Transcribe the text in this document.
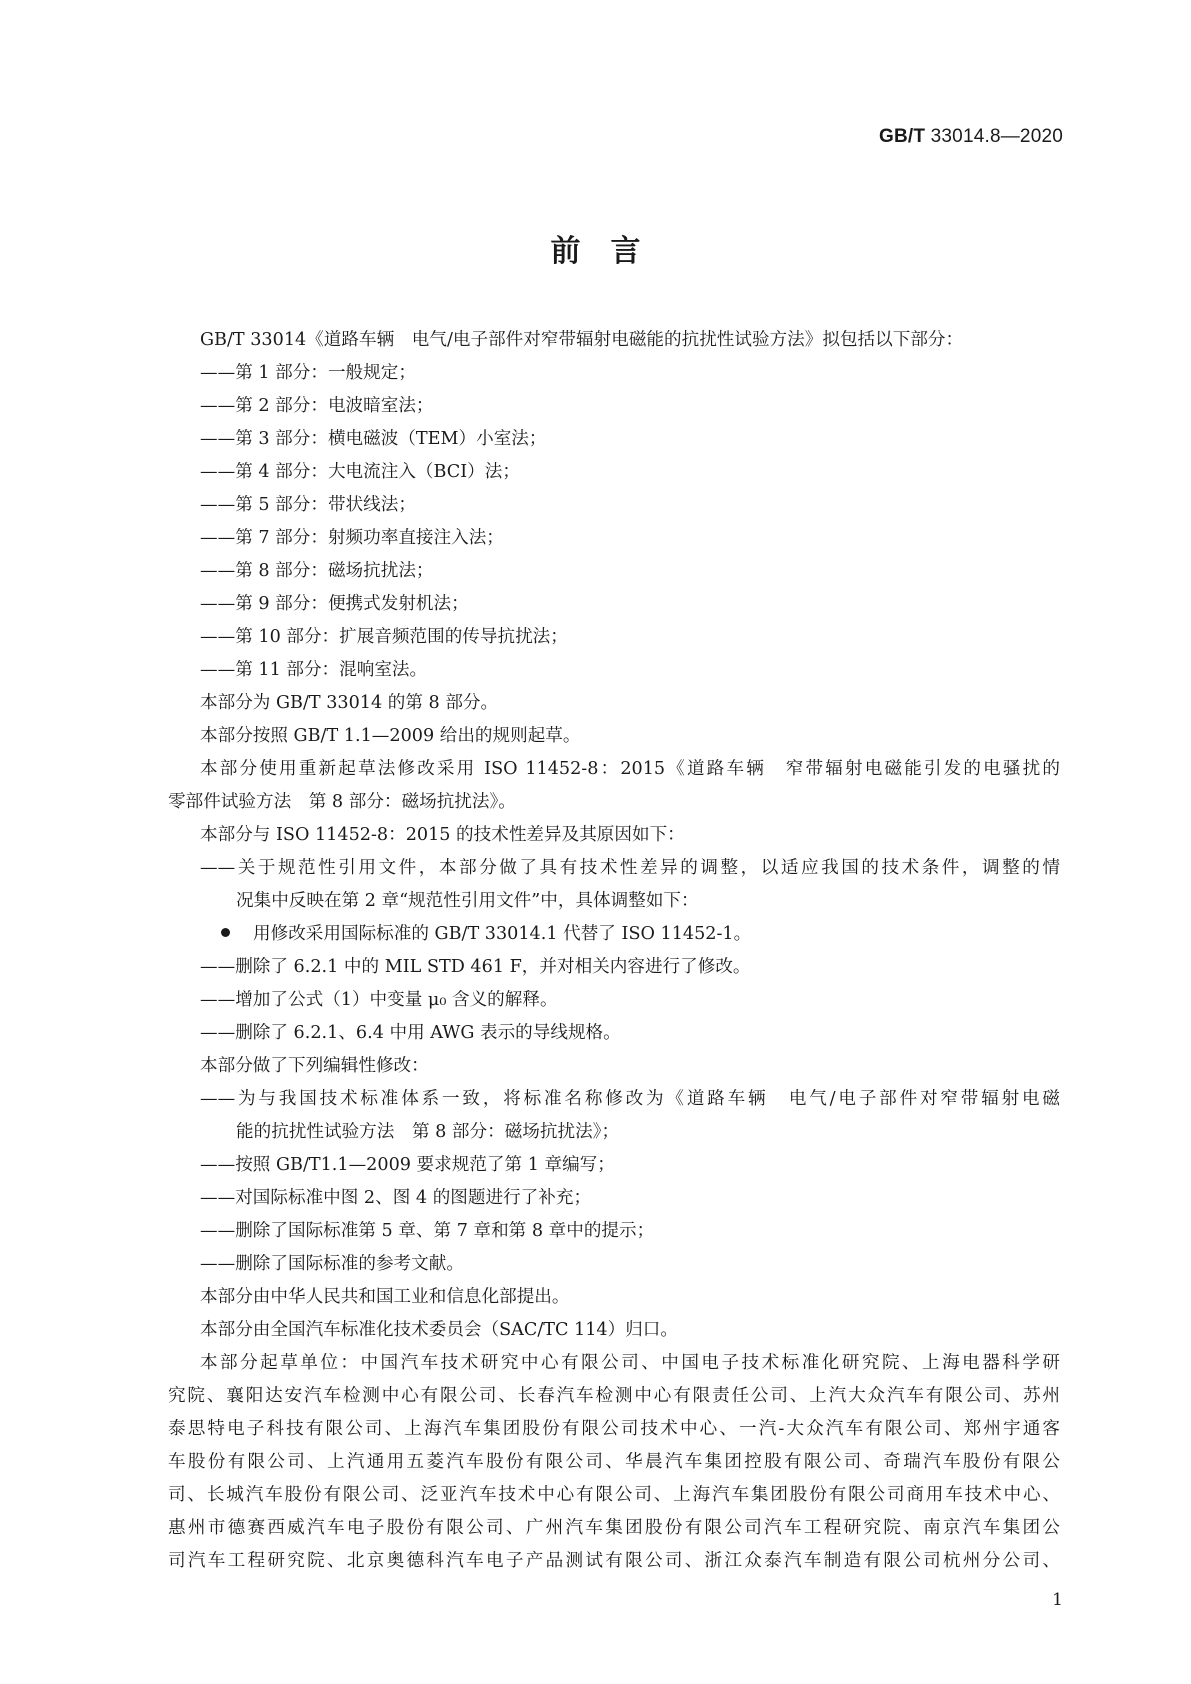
GB/T 33014.8—2020
前　言
GB/T 33014《道路车辆　电气/电子部件对窄带辐射电磁能的抗扰性试验方法》拟包括以下部分：
——第 1 部分：一般规定；
——第 2 部分：电波暗室法；
——第 3 部分：横电磁波（TEM）小室法；
——第 4 部分：大电流注入（BCI）法；
——第 5 部分：带状线法；
——第 7 部分：射频功率直接注入法；
——第 8 部分：磁场抗扰法；
——第 9 部分：便携式发射机法；
——第 10 部分：扩展音频范围的传导抗扰法；
——第 11 部分：混响室法。
本部分为 GB/T 33014 的第 8 部分。
本部分按照 GB/T 1.1—2009 给出的规则起草。
本部分使用重新起草法修改采用 ISO 11452-8：2015《道路车辆　窄带辐射电磁能引发的电骚扰的
零部件试验方法　第 8 部分：磁场抗扰法》。
本部分与 ISO 11452-8：2015 的技术性差异及其原因如下：
——关于规范性引用文件，本部分做了具有技术性差异的调整，以适应我国的技术条件，调整的情
况集中反映在第 2 章“规范性引用文件”中，具体调整如下：
用修改采用国际标准的 GB/T 33014.1 代替了 ISO 11452-1。
——删除了 6.2.1 中的 MIL STD 461 F，并对相关内容进行了修改。
——增加了公式（1）中变量 μ₀ 含义的解释。
——删除了 6.2.1、6.4 中用 AWG 表示的导线规格。
本部分做了下列编辑性修改：
——为与我国技术标准体系一致，将标准名称修改为《道路车辆　电气/电子部件对窄带辐射电磁
能的抗扰性试验方法　第 8 部分：磁场抗扰法》；
——按照 GB/T1.1—2009 要求规范了第 1 章编写；
——对国际标准中图 2、图 4 的图题进行了补充；
——删除了国际标准第 5 章、第 7 章和第 8 章中的提示；
——删除了国际标准的参考文献。
本部分由中华人民共和国工业和信息化部提出。
本部分由全国汽车标准化技术委员会（SAC/TC 114）归口。
本部分起草单位：中国汽车技术研究中心有限公司、中国电子技术标准化研究院、上海电器科学研
究院、襄阳达安汽车检测中心有限公司、长春汽车检测中心有限责任公司、上汽大众汽车有限公司、苏州
泰思特电子科技有限公司、上海汽车集团股份有限公司技术中心、一汽-大众汽车有限公司、郑州宇通客
车股份有限公司、上汽通用五菱汽车股份有限公司、华晨汽车集团控股有限公司、奇瑞汽车股份有限公
司、长城汽车股份有限公司、泛亚汽车技术中心有限公司、上海汽车集团股份有限公司商用车技术中心、
惠州市德赛西威汽车电子股份有限公司、广州汽车集团股份有限公司汽车工程研究院、南京汽车集团公
司汽车工程研究院、北京奥德科汽车电子产品测试有限公司、浙江众泰汽车制造有限公司杭州分公司、
1
